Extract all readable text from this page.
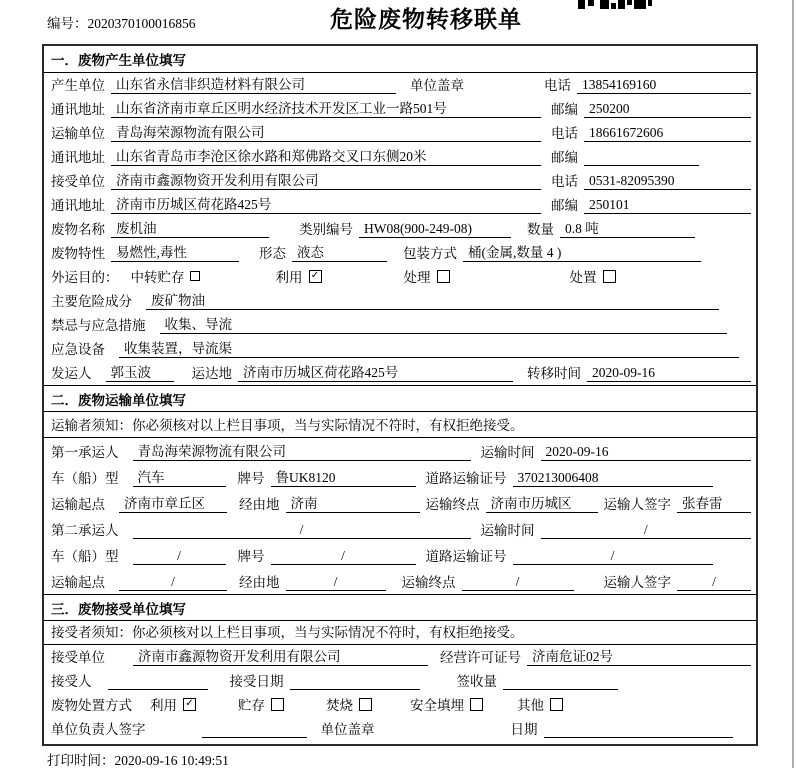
编号：2020370100016856	危险废物转移联单
一．废物产生单位填写
产生单位 山东省永信非织造材料有限公司	单位盖章	电话 13854169160
通讯地址 山东省济南市章丘区明水经济技术开发区工业一路501号	邮编 250200
运输单位 青岛海荣源物流有限公司	电话 18661672606
通讯地址 山东省青岛市李沧区徐水路和郑佛路交叉口东侧20米	邮编
接受单位 济南市鑫源物资开发利用有限公司	电话 0531-82095390
通讯地址 济南市历城区荷花路425号	邮编 250101
废物名称 废机油	类别编号 HW08(900-249-08)	数量 0.8 吨
废物特性 易燃性,毒性	形态 液态	包装方式 桶(金属,数量 4 )
外运目的： 中转贮存	利用 ✓	处理	处置
主要危险成分	废矿物油
禁忌与应急措施	收集、导流
应急设备	收集装置，导流渠
发运人	郭玉波	运达地 济南市历城区荷花路425号	转移时间 2020-09-16
二．废物运输单位填写
运输者须知：你必须核对以上栏目事项，当与实际情况不符时，有权拒绝接受。
第一承运人	青岛海荣源物流有限公司	运输时间 2020-09-16
车（船）型	汽车	牌号 鲁UK8120	道路运输证号 370213006408
运输起点	济南市章丘区	经由地 济南	运输终点 济南市历城区	运输人签字 张春雷
第二承运人	/	运输时间	/
车（船）型	/	牌号	/	道路运输证号	/
运输起点	/	经由地	/	运输终点	/	运输人签字	/
三．废物接受单位填写
接受者须知：你必须核对以上栏目事项，当与实际情况不符时，有权拒绝接受。
接受单位	济南市鑫源物资开发利用有限公司	经营许可证号 济南危证02号
接受人	接受日期	签收量
废物处置方式	利用 ✓	贮存	焚烧	安全填埋	其他
单位负责人签字	单位盖章	日期
打印时间：2020-09-16 10:49:51
